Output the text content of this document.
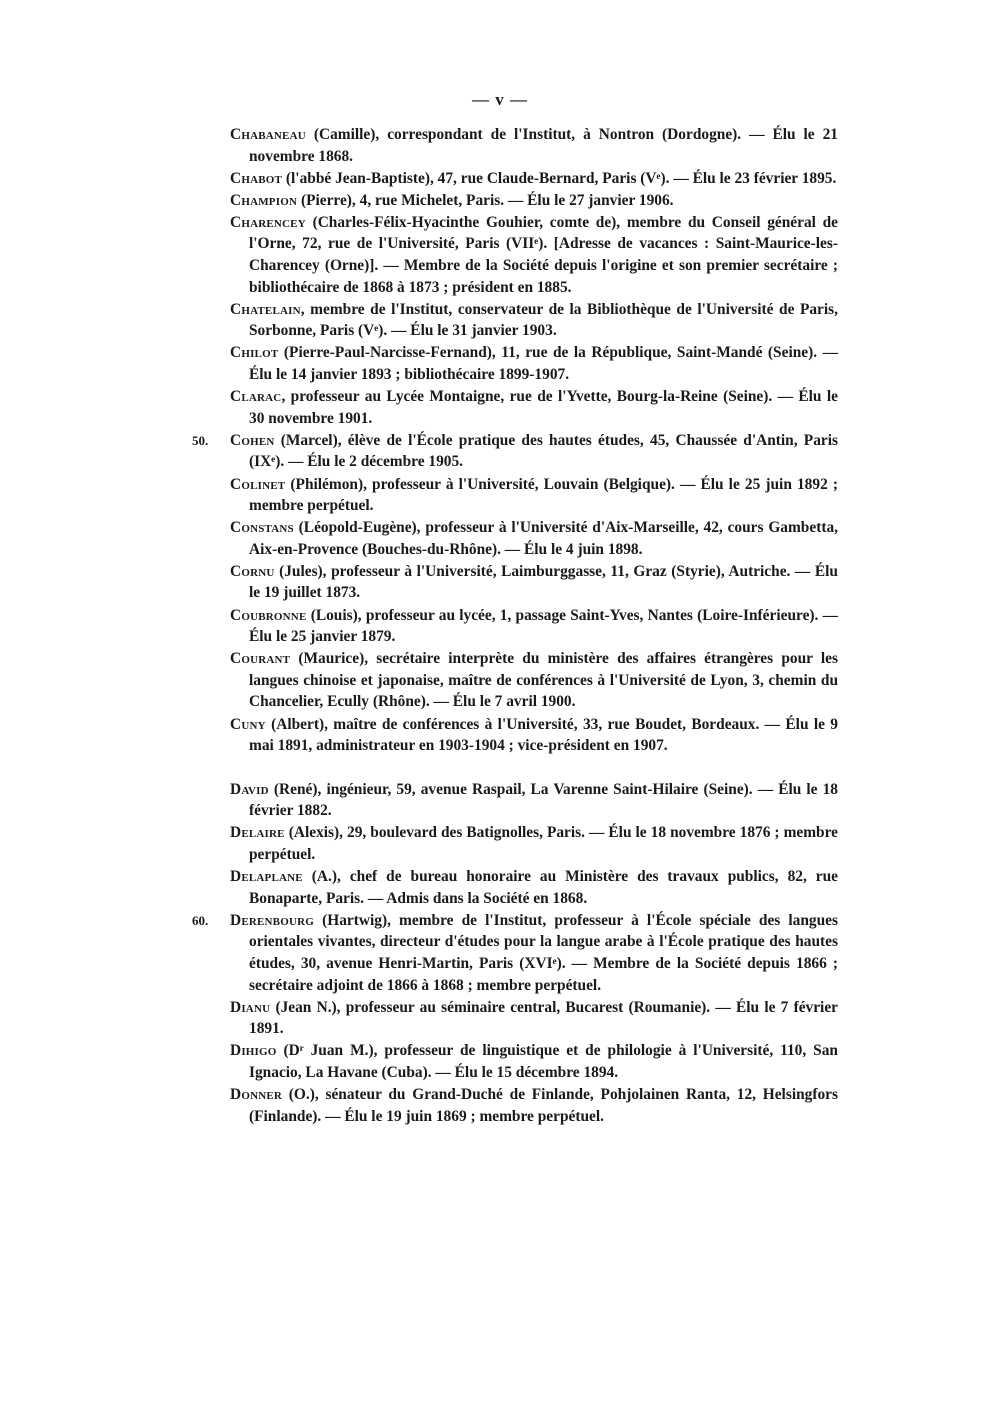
— v —

Chabaneau (Camille), correspondant de l'Institut, à Nontron (Dordogne). — Élu le 21 novembre 1868.

Chabot (l'abbé Jean-Baptiste), 47, rue Claude-Bernard, Paris (Vᵉ). — Élu le 23 février 1895.

Champion (Pierre), 4, rue Michelet, Paris. — Élu le 27 janvier 1906.

Charencey (Charles-Félix-Hyacinthe Gouhier, comte de), membre du Conseil général de l'Orne, 72, rue de l'Université, Paris (VIIᵉ). [Adresse de vacances : Saint-Maurice-les-Charencey (Orne)]. — Membre de la Société depuis l'origine et son premier secrétaire ; bibliothécaire de 1868 à 1873 ; président en 1885.

Chatelain, membre de l'Institut, conservateur de la Bibliothèque de l'Université de Paris, Sorbonne, Paris (Vᵉ). — Élu le 31 janvier 1903.

Chilot (Pierre-Paul-Narcisse-Fernand), 11, rue de la République, Saint-Mandé (Seine). — Élu le 14 janvier 1893 ; bibliothécaire 1899-1907.

Clarac, professeur au Lycée Montaigne, rue de l'Yvette, Bourg-la-Reine (Seine). — Élu le 30 novembre 1901.

50. Cohen (Marcel), élève de l'École pratique des hautes études, 45, Chaussée d'Antin, Paris (IXᵉ). — Élu le 2 décembre 1905.

Colinet (Philémon), professeur à l'Université, Louvain (Belgique). — Élu le 25 juin 1892 ; membre perpétuel.

Constans (Léopold-Eugène), professeur à l'Université d'Aix-Marseille, 42, cours Gambetta, Aix-en-Provence (Bouches-du-Rhône). — Élu le 4 juin 1898.

Cornu (Jules), professeur à l'Université, Laimburggasse, 11, Graz (Styrie), Autriche. — Élu le 19 juillet 1873.

Coubronne (Louis), professeur au lycée, 1, passage Saint-Yves, Nantes (Loire-Inférieure). — Élu le 25 janvier 1879.

Courant (Maurice), secrétaire interprète du ministère des affaires étrangères pour les langues chinoise et japonaise, maître de conférences à l'Université de Lyon, 3, chemin du Chancelier, Ecully (Rhône). — Élu le 7 avril 1900.

Cuny (Albert), maître de conférences à l'Université, 33, rue Boudet, Bordeaux. — Élu le 9 mai 1891, administrateur en 1903-1904 ; vice-président en 1907.

David (René), ingénieur, 59, avenue Raspail, La Varenne Saint-Hilaire (Seine). — Élu le 18 février 1882.

Delaire (Alexis), 29, boulevard des Batignolles, Paris. — Élu le 18 novembre 1876 ; membre perpétuel.

Delaplane (A.), chef de bureau honoraire au Ministère des travaux publics, 82, rue Bonaparte, Paris. — Admis dans la Société en 1868.

60. Derenbourg (Hartwig), membre de l'Institut, professeur à l'École spéciale des langues orientales vivantes, directeur d'études pour la langue arabe à l'École pratique des hautes études, 30, avenue Henri-Martin, Paris (XVIᵉ). — Membre de la Société depuis 1866 ; secrétaire adjoint de 1866 à 1868 ; membre perpétuel.

Dianu (Jean N.), professeur au séminaire central, Bucarest (Roumanie). — Élu le 7 février 1891.

Dihigo (Dʳ Juan M.), professeur de linguistique et de philologie à l'Université, 110, San Ignacio, La Havane (Cuba). — Élu le 15 décembre 1894.

Donner (O.), sénateur du Grand-Duché de Finlande, Pohjolainen Ranta, 12, Helsingfors (Finlande). — Élu le 19 juin 1869 ; membre perpétuel.
